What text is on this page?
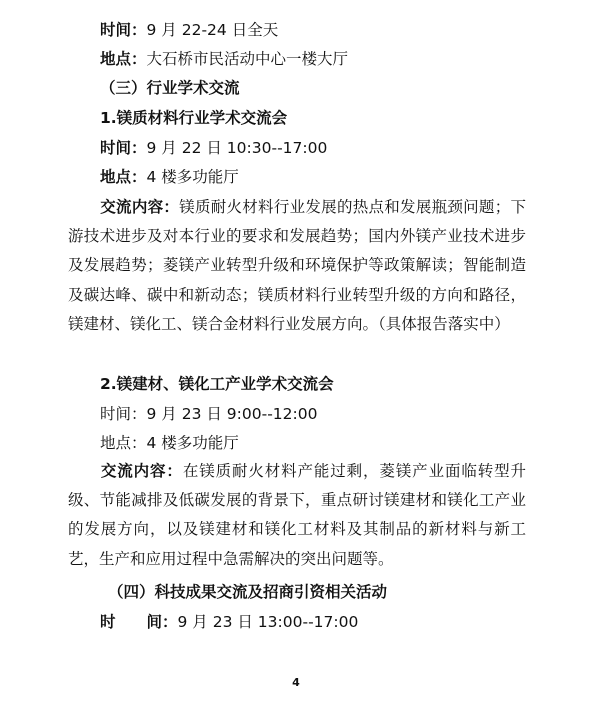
时间：9 月 22-24 日全天
地点：大石桥市民活动中心一楼大厅
（三）行业学术交流
1.镁质材料行业学术交流会
时间：9 月 22 日 10:30--17:00
地点：4 楼多功能厅
交流内容：镁质耐火材料行业发展的热点和发展瓶颈问题；下游技术进步及对本行业的要求和发展趋势；国内外镁产业技术进步及发展趋势；菱镁产业转型升级和环境保护等政策解读；智能制造及碳达峰、碳中和新动态；镁质材料行业转型升级的方向和路径，镁建材、镁化工、镁合金材料行业发展方向。（具体报告落实中）
2.镁建材、镁化工产业学术交流会
时间：9 月 23 日 9:00--12:00
地点：4 楼多功能厅
交流内容：在镁质耐火材料产能过剩，菱镁产业面临转型升级、节能减排及低碳发展的背景下，重点研讨镁建材和镁化工产业的发展方向，以及镁建材和镁化工材料及其制品的新材料与新工艺，生产和应用过程中急需解决的突出问题等。
（四）科技成果交流及招商引资相关活动
时　　间：9 月 23 日 13:00--17:00
4
